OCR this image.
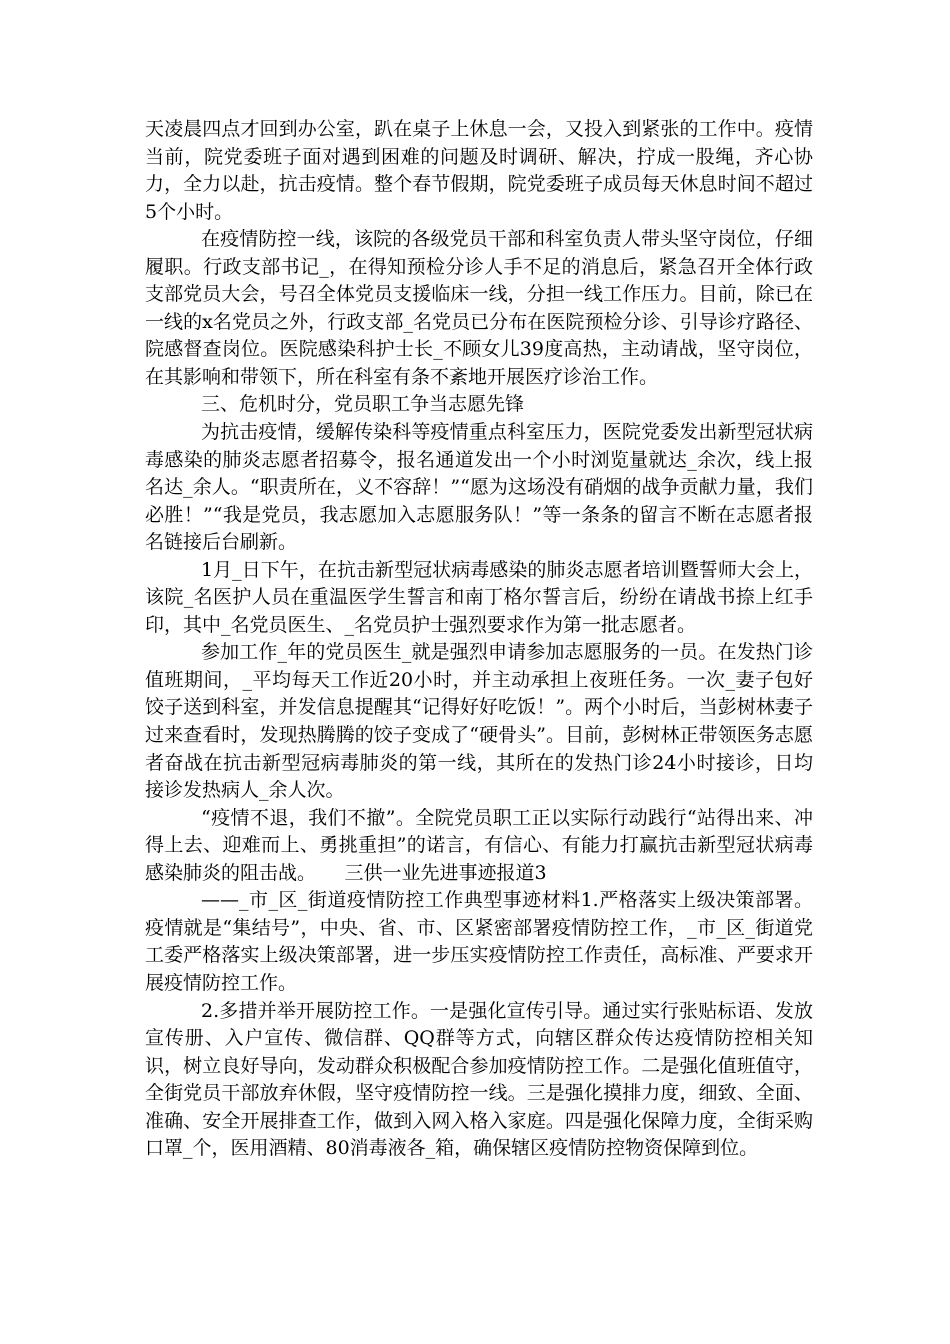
天凌晨四点才回到办公室，趴在桌子上休息一会，又投入到紧张的工作中。疫情当前，院党委班子面对遇到困难的问题及时调研、解决，拧成一股绳，齐心协力，全力以赴，抗击疫情。整个春节假期，院党委班子成员每天休息时间不超过5个小时。

在疫情防控一线，该院的各级党员干部和科室负责人带头坚守岗位，仔细履职。行政支部书记_，在得知预检分诊人手不足的消息后，紧急召开全体行政支部党员大会，号召全体党员支援临床一线，分担一线工作压力。目前，除已在一线的x名党员之外，行政支部_名党员已分布在医院预检分诊、引导诊疗路径、院感督查岗位。医院感染科护士长_不顾女儿39度高热，主动请战，坚守岗位，在其影响和带领下，所在科室有条不紊地开展医疗诊治工作。

三、危机时分，党员职工争当志愿先锋

为抗击疫情，缓解传染科等疫情重点科室压力，医院党委发出新型冠状病毒感染的肺炎志愿者招募令，报名通道发出一个小时浏览量就达_余次，线上报名达_余人。“职责所在，义不容辞！”“愿为这场没有硝烟的战争贡献力量，我们必胜！”“我是党员，我志愿加入志愿服务队！”等一条条的留言不断在志愿者报名链接后台刷新。

1月_日下午，在抗击新型冠状病毒感染的肺炎志愿者培训暨誓师大会上，该院_名医护人员在重温医学生誓言和南丁格尔誓言后，纷纷在请战书捺上红手印，其中_名党员医生、_名党员护士强烈要求作为第一批志愿者。

参加工作_年的党员医生_就是强烈申请参加志愿服务的一员。在发热门诊值班期间，_平均每天工作近20小时，并主动承担上夜班任务。一次_妻子包好饺子送到科室，并发信息提醒其“记得好好吃饭！”。两个小时后，当彭树林妻子过来查看时，发现热腾腾的饺子变成了“硬骨头”。目前，彭树林正带领医务志愿者奋战在抗击新型冠病毒肺炎的第一线，其所在的发热门诊24小时接诊，日均接诊发热病人_余人次。

“疫情不退，我们不撤”。全院党员职工正以实际行动践行“站得出来、冲得上去、迎难而上、勇挑重担”的诺言，有信心、有能力打赢抗击新型冠状病毒感染肺炎的阻击战。　　三供一业先进事迹报道3

——_市_区_街道疫情防控工作典型事迹材料1.严格落实上级决策部署。疫情就是“集结号”，中央、省、市、区紧密部署疫情防控工作，_市_区_街道党工委严格落实上级决策部署，进一步压实疫情防控工作责任，高标准、严要求开展疫情防控工作。

2.多措并举开展防控工作。一是强化宣传引导。通过实行张贴标语、发放宣传册、入户宣传、微信群、QQ群等方式，向辖区群众传达疫情防控相关知识，树立良好导向，发动群众积极配合参加疫情防控工作。二是强化值班值守，全街党员干部放弃休假，坚守疫情防控一线。三是强化摸排力度，细致、全面、准确、安全开展排查工作，做到入网入格入家庭。四是强化保障力度，全街采购口罩_个，医用酒精、80消毒液各_箱，确保辖区疫情防控物资保障到位。
